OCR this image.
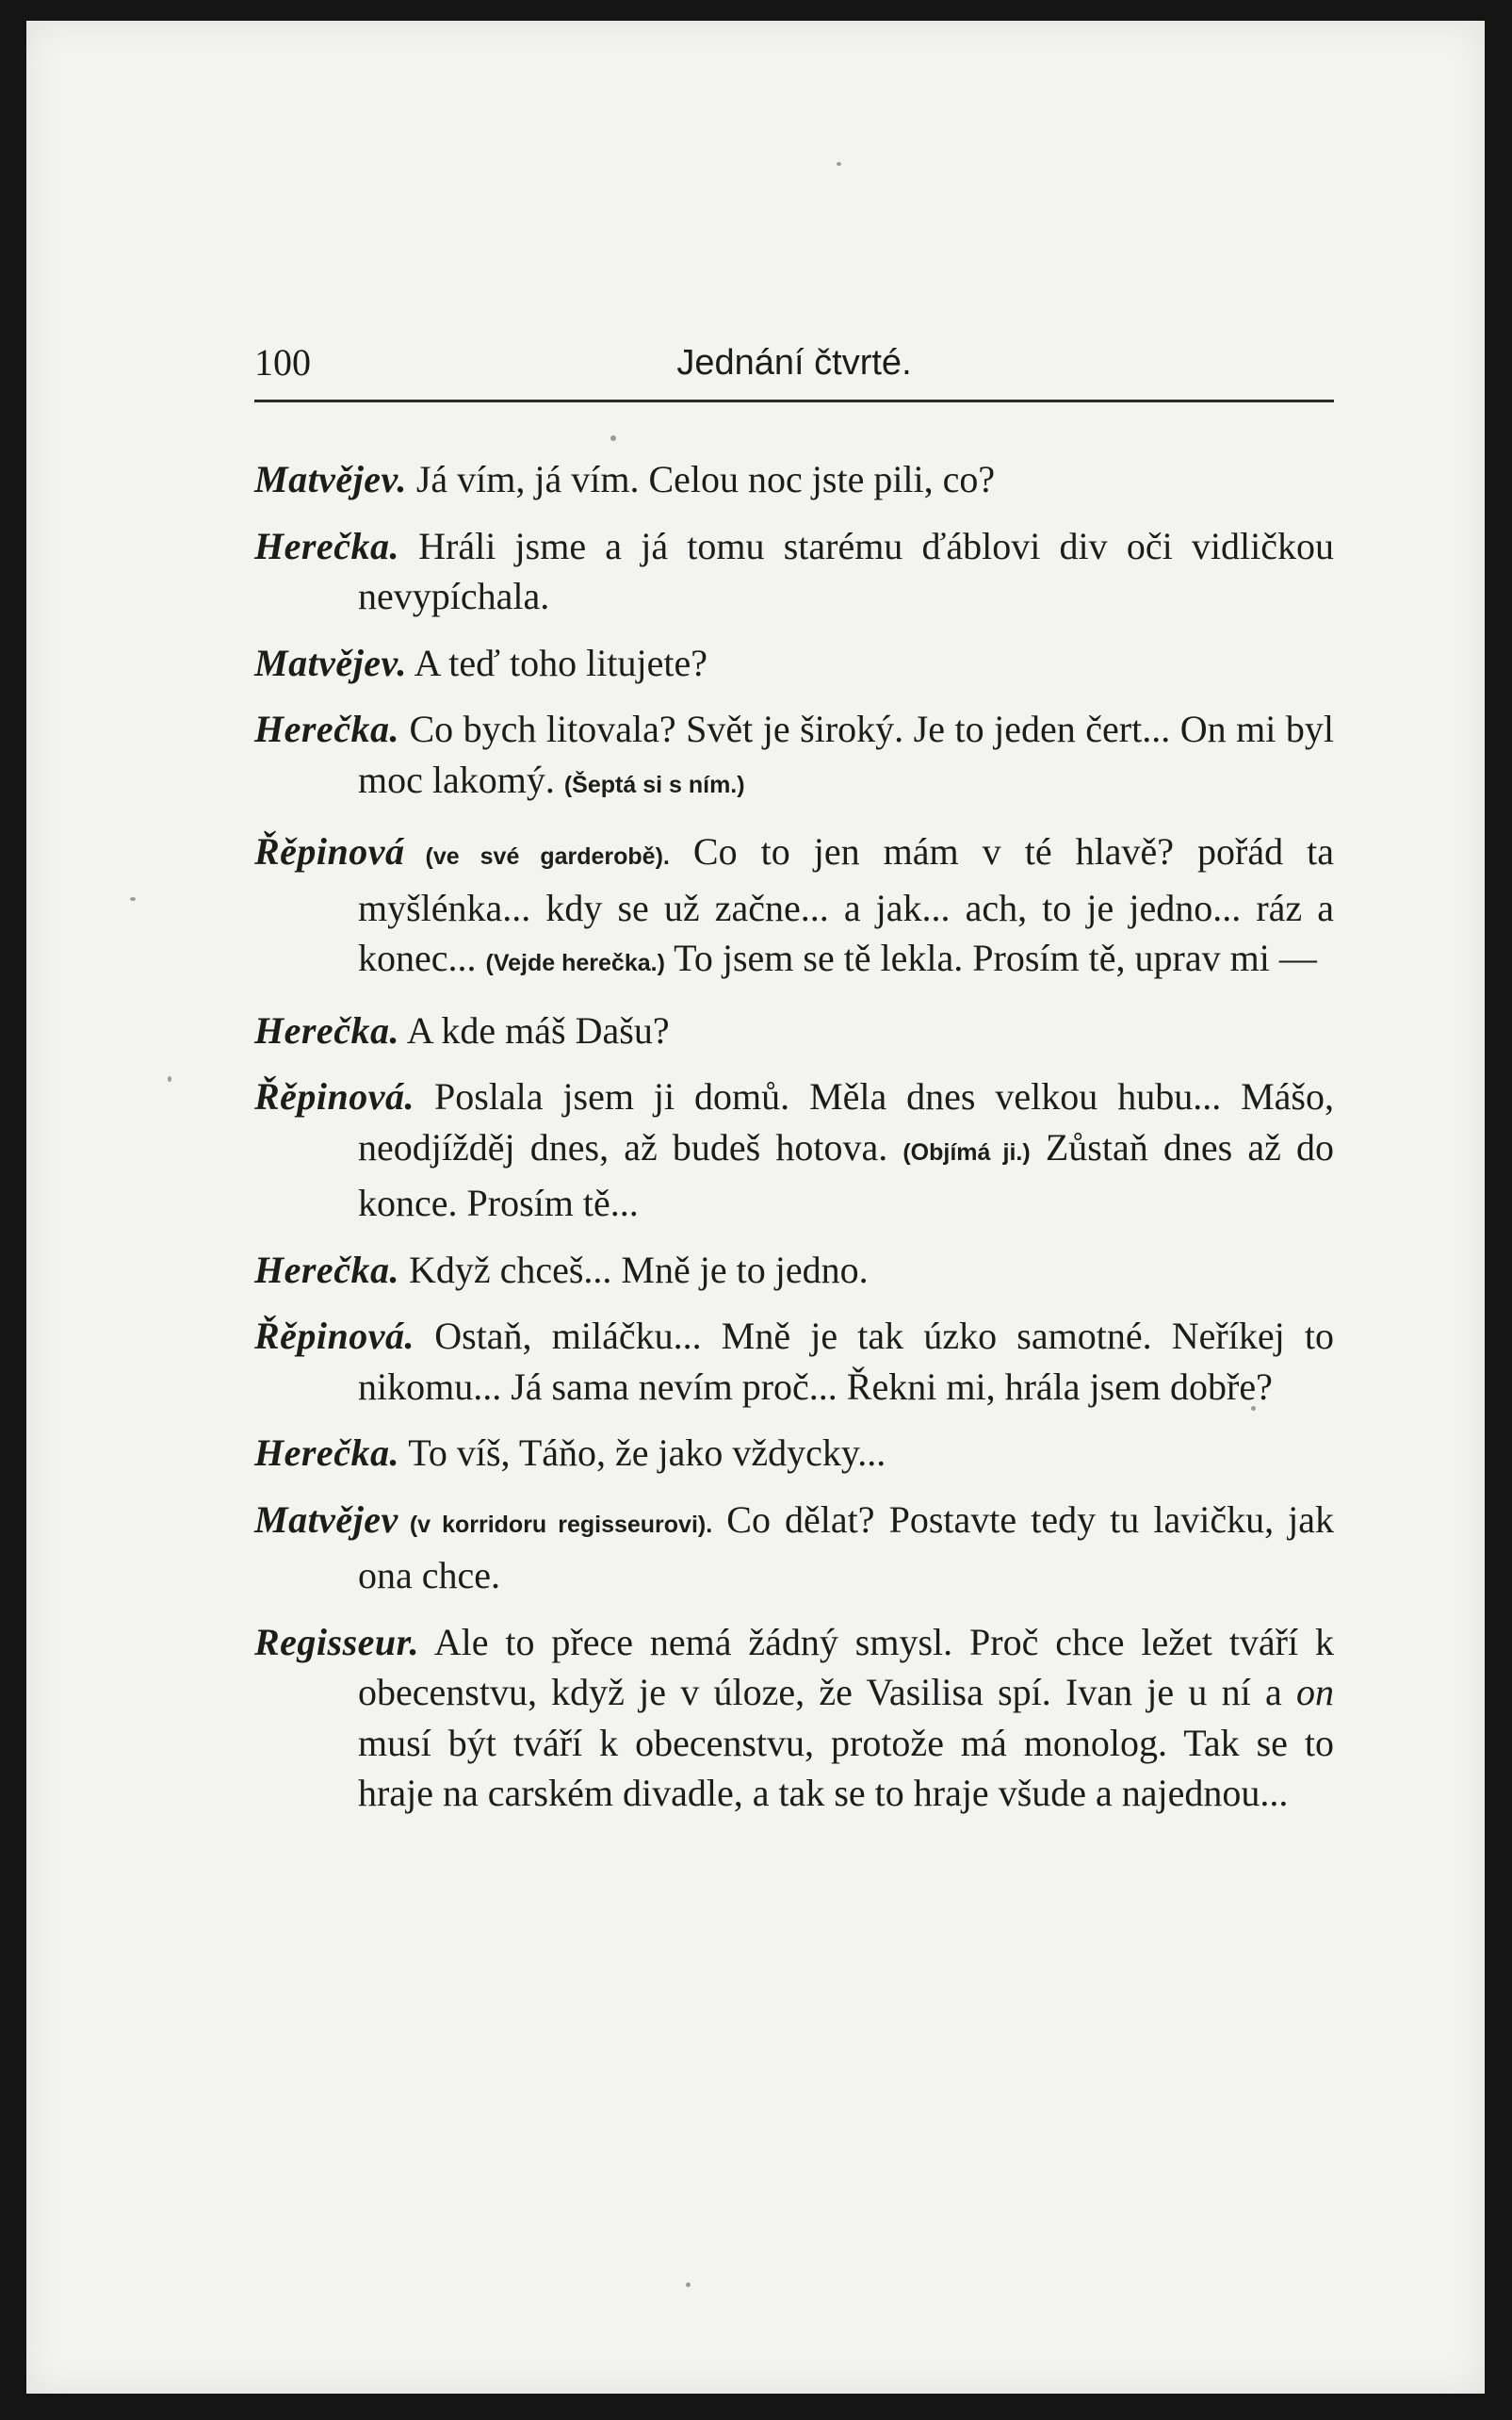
100	Jednání čtvrté.

Matvějev. Já vím, já vím. Celou noc jste pili, co?

Herečka. Hráli jsme a já tomu starému ďáblovi div oči vidličkou nevypíchala.

Matvějev. A teď toho litujete?

Herečka. Co bych litovala? Svět je široký. Je to jeden čert... On mi byl moc lakomý. (Šeptá si s ním.)

Řěpinová (ve své garderobě). Co to jen mám v té hlavě? pořád ta myšlénka... kdy se už začne... a jak... ach, to je jedno... ráz a konec... (Vejde herečka.) To jsem se tě lekla. Prosím tě, uprav mi —

Herečka. A kde máš Dašu?

Řěpinová. Poslala jsem ji domů. Měla dnes velkou hubu... Mášo, neodjížděj dnes, až budeš hotova. (Objímá ji.) Zůstaň dnes až do konce. Prosím tě...

Herečka. Když chceš... Mně je to jedno.

Řěpinová. Ostaň, miláčku... Mně je tak úzko samotné. Neříkej to nikomu... Já sama nevím proč... Řekni mi, hrála jsem dobře?

Herečka. To víš, Táňo, že jako vždycky...

Matvějev (v korridoru regisseurovi). Co dělat? Postavte tedy tu lavičku, jak ona chce.

Regisseur. Ale to přece nemá žádný smysl. Proč chce ležet tváří k obecenstvu, když je v úloze, že Vasilisa spí. Ivan je u ní a on musí být tváří k obecenstvu, protože má monolog. Tak se to hraje na carském divadle, a tak se to hraje všude a najednou...
